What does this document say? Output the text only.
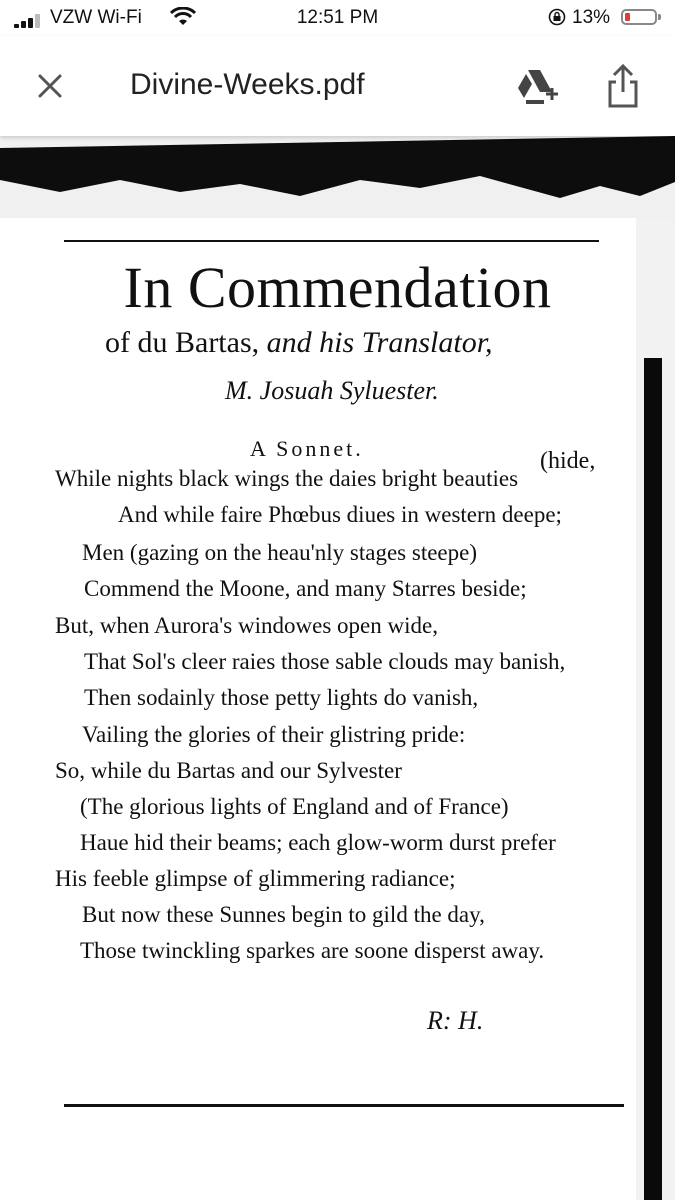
VZW Wi-Fi	12:51 PM	13%
Divine-Weeks.pdf
In Commendation
of du Bartas, and his Translator,
M. Josuah Syluester.
A Sonnet.	(hide,
While nights black wings the daies bright beauties
And while faire Phœbus diues in western deepe;
Men (gazing on the heau'nly stages steepe)
Commend the Moone, and many Starres beside;
But, when Aurora's windowes open wide,
That Sol's cleer raies those sable clouds may banish,
Then sodainly those petty lights do vanish,
Vailing the glories of their glistring pride:
So, while du Bartas and our Sylvester
(The glorious lights of England and of France)
Haue hid their beams; each glow-worm durst prefer
His feeble glimpse of glimmering radiance;
But now these Sunnes begin to gild the day,
Those twinckling sparkes are soone disperst away.
R: H.
